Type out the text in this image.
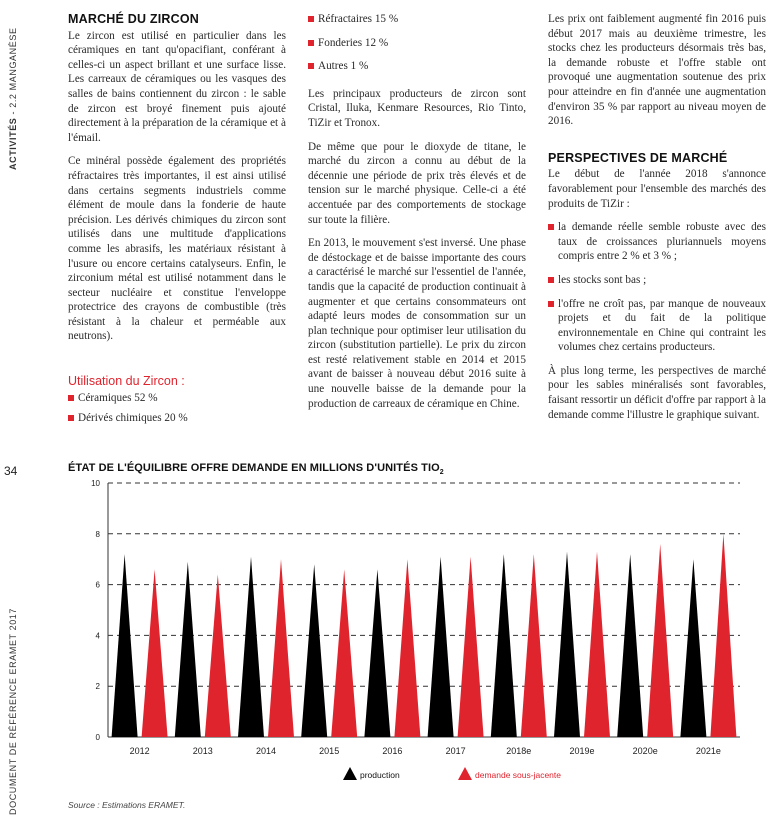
ACTIVITÉS - 2.2 MANGANÈSE
34
DOCUMENT DE RÉFÉRENCE ERAMET 2017
MARCHÉ DU ZIRCON

Le zircon est utilisé en particulier dans les céramiques en tant qu'opacifiant, conférant à celles-ci un aspect brillant et une surface lisse. Les carreaux de céramiques ou les vasques des salles de bains contiennent du zircon : le sable de zircon est broyé finement puis ajouté directement à la préparation de la céramique et à l'émail.

Ce minéral possède également des propriétés réfractaires très importantes, il est ainsi utilisé dans certains segments industriels comme élément de moule dans la fonderie de haute précision. Les dérivés chimiques du zircon sont utilisés dans une multitude d'applications comme les abrasifs, les matériaux résistant à l'usure ou encore certains catalyseurs. Enfin, le zirconium métal est utilisé notamment dans le secteur nucléaire et constitue l'enveloppe protectrice des crayons de combustible (très résistant à la chaleur et perméable aux neutrons).

Utilisation du Zircon :
Céramiques 52 %
Dérivés chimiques 20 %
Réfractaires 15 %
Fonderies 12 %
Autres 1 %

Les principaux producteurs de zircon sont Cristal, Iluka, Kenmare Resources, Rio Tinto, TiZir et Tronox.

De même que pour le dioxyde de titane, le marché du zircon a connu au début de la décennie une période de prix très élevés et de tension sur le marché physique. Celle-ci a été accentuée par des comportements de stockage sur toute la filière.

En 2013, le mouvement s'est inversé. Une phase de déstockage et de baisse importante des cours a caractérisé le marché sur l'essentiel de l'année, tandis que la capacité de production continuait à augmenter et que certains consommateurs ont adapté leurs modes de consommation sur un plan technique pour optimiser leur utilisation du zircon (substitution partielle). Le prix du zircon est resté relativement stable en 2014 et 2015 avant de baisser à nouveau début 2016 suite à une nouvelle baisse de la demande pour la production de carreaux de céramique en Chine.

Les prix ont faiblement augmenté fin 2016 puis début 2017 mais au deuxième trimestre, les stocks chez les producteurs désormais très bas, la demande robuste et l'offre stable ont provoqué une augmentation soutenue des prix pour atteindre en fin d'année une augmentation d'environ 35 % par rapport au niveau moyen de 2016.

PERSPECTIVES DE MARCHÉ

Le début de l'année 2018 s'annonce favorablement pour l'ensemble des marchés des produits de TiZir :

la demande réelle semble robuste avec des taux de croissances pluriannuels moyens compris entre 2 % et 3 % ;
les stocks sont bas ;
l'offre ne croît pas, par manque de nouveaux projets et du fait de la politique environnementale en Chine qui contraint les volumes chez certains producteurs.

À plus long terme, les perspectives de marché pour les sables minéralisés sont favorables, faisant ressortir un déficit d'offre par rapport à la demande comme l'illustre le graphique suivant.

ÉTAT DE L'ÉQUILIBRE OFFRE DEMANDE EN MILLIONS D'UNITÉS $TIO_2$
0
2
4
6
8
10
2012	2013	2014	2015	2016	2017	2018e	2019e	2020e	2021e
production	demande sous-jacente
Source : Estimations ERAMET.
